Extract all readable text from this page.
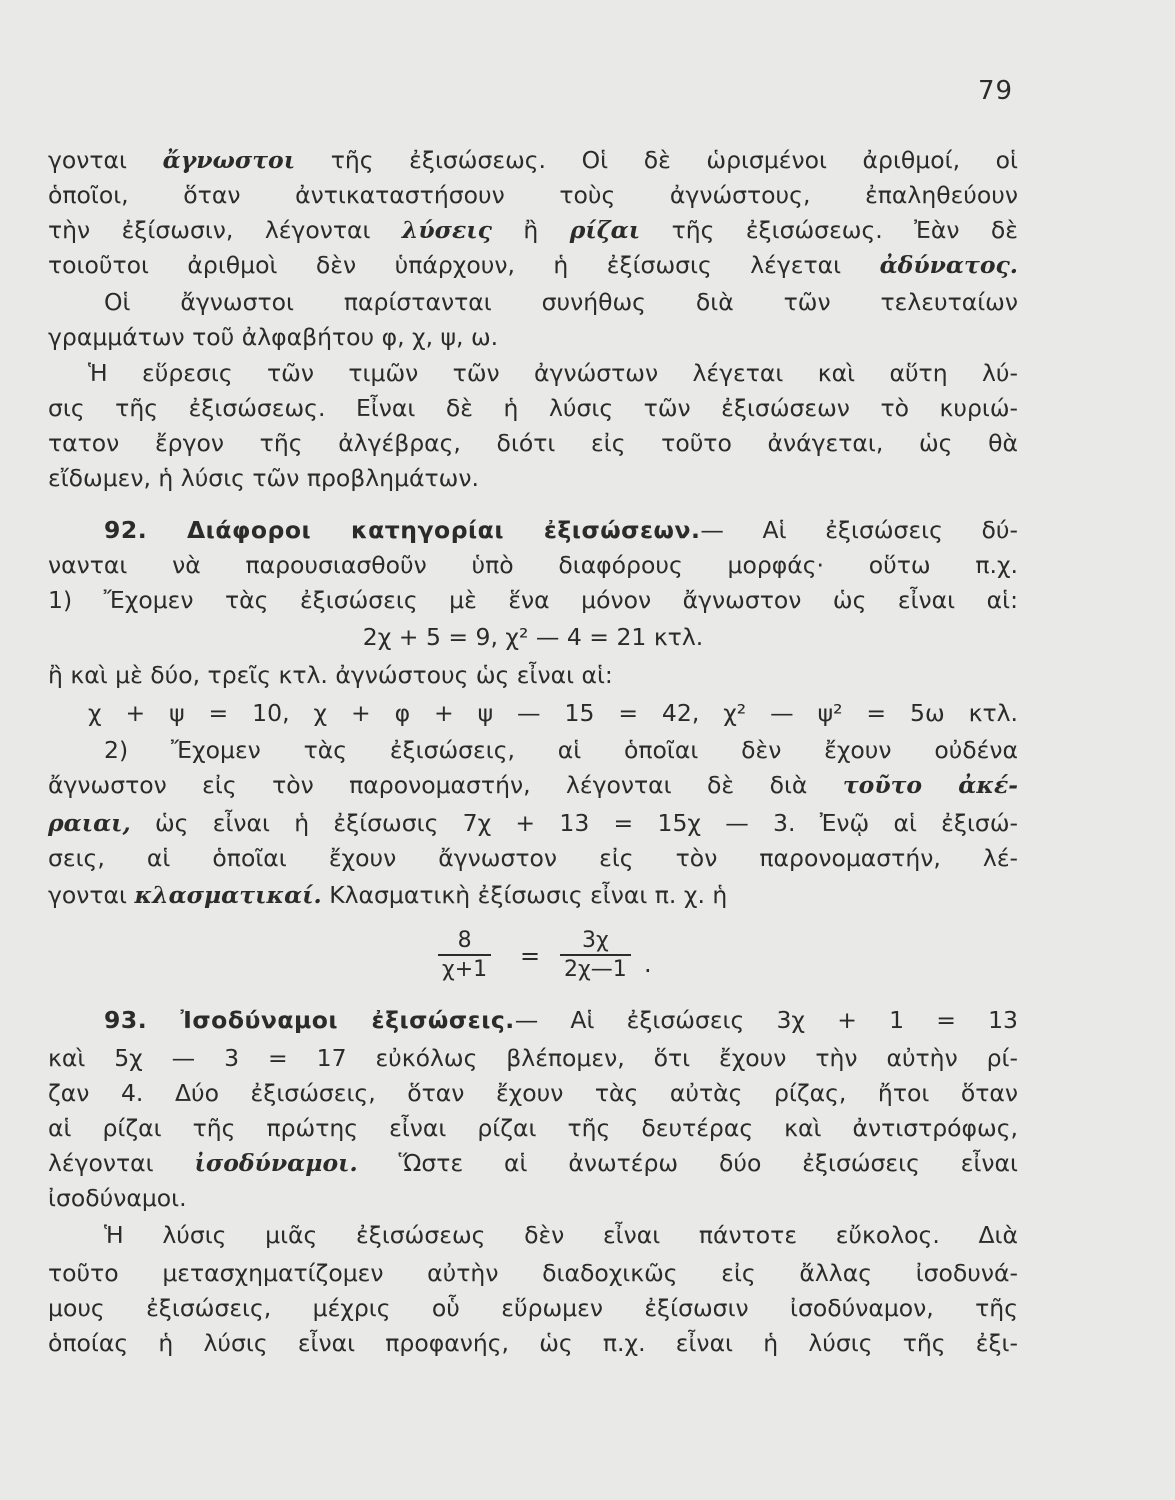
79
γονται ἄγνωστοι τῆς ἐξισώσεως. Οἱ δὲ ὡρισμένοι ἀριθμοί, οἱ
ὁποῖοι, ὅταν ἀντικαταστήσουν τοὺς ἀγνώστους, ἐπαληθεύουν
τὴν ἐξίσωσιν, λέγονται λύσεις ἢ ρίζαι τῆς ἐξισώσεως. Ἐὰν δὲ
τοιοῦτοι ἀριθμοὶ δὲν ὑπάρχουν, ἡ ἐξίσωσις λέγεται ἀδύνατος.
Οἱ ἄγνωστοι παρίστανται συνήθως διὰ τῶν τελευταίων
γραμμάτων τοῦ ἀλφαβήτου φ, χ, ψ, ω.
Ἡ εὕρεσις τῶν τιμῶν τῶν ἀγνώστων λέγεται καὶ αὕτη λύ-
σις τῆς ἐξισώσεως. Εἶναι δὲ ἡ λύσις τῶν ἐξισώσεων τὸ κυριώ-
τατον ἔργον τῆς ἀλγέβρας, διότι εἰς τοῦτο ἀνάγεται, ὡς θὰ
εἴδωμεν, ἡ λύσις τῶν προβλημάτων.
92. Διάφοροι κατηγορίαι ἐξισώσεων.— Αἱ ἐξισώσεις δύ-
νανται νὰ παρουσιασθοῦν ὑπὸ διαφόρους μορφάς· οὕτω π.χ.
1) Ἔχομεν τὰς ἐξισώσεις μὲ ἕνα μόνον ἄγνωστον ὡς εἶναι αἱ:
2χ + 5 = 9, χ² — 4 = 21 κτλ.
ἢ καὶ μὲ δύο, τρεῖς κτλ. ἀγνώστους ὡς εἶναι αἱ:
χ + ψ = 10, χ + φ + ψ — 15 = 42, χ² — ψ² = 5ω κτλ.
2) Ἔχομεν τὰς ἐξισώσεις, αἱ ὁποῖαι δὲν ἔχουν οὐδένα
ἄγνωστον εἰς τὸν παρονομαστήν, λέγονται δὲ διὰ τοῦτο ἀκέ-
ραιαι, ὡς εἶναι ἡ ἐξίσωσις 7χ + 13 = 15χ — 3. Ἐνῷ αἱ ἐξισώ-
σεις, αἱ ὁποῖαι ἔχουν ἄγνωστον εἰς τὸν παρονομαστήν, λέ-
γονται κλασματικαί. Κλασματικὴ ἐξίσωσις εἶναι π. χ. ἡ
93. Ἰσοδύναμοι ἐξισώσεις.— Αἱ ἐξισώσεις 3χ + 1 = 13
καὶ 5χ — 3 = 17 εὐκόλως βλέπομεν, ὅτι ἔχουν τὴν αὐτὴν ρί-
ζαν 4. Δύο ἐξισώσεις, ὅταν ἔχουν τὰς αὐτὰς ρίζας, ἤτοι ὅταν
αἱ ρίζαι τῆς πρώτης εἶναι ρίζαι τῆς δευτέρας καὶ ἀντιστρόφως,
λέγονται ἰσοδύναμοι. Ὥστε αἱ ἀνωτέρω δύο ἐξισώσεις εἶναι
ἰσοδύναμοι.
Ἡ λύσις μιᾶς ἐξισώσεως δὲν εἶναι πάντοτε εὔκολος. Διὰ
τοῦτο μετασχηματίζομεν αὐτὴν διαδοχικῶς εἰς ἄλλας ἰσοδυνά-
μους ἐξισώσεις, μέχρις οὗ εὕρωμεν ἐξίσωσιν ἰσοδύναμον, τῆς
ὁποίας ἡ λύσις εἶναι προφανής, ὡς π.χ. εἶναι ἡ λύσις τῆς ἐξι-
$\frac{8}{\chi+1} = \frac{3\chi}{2\chi—1}$ .
